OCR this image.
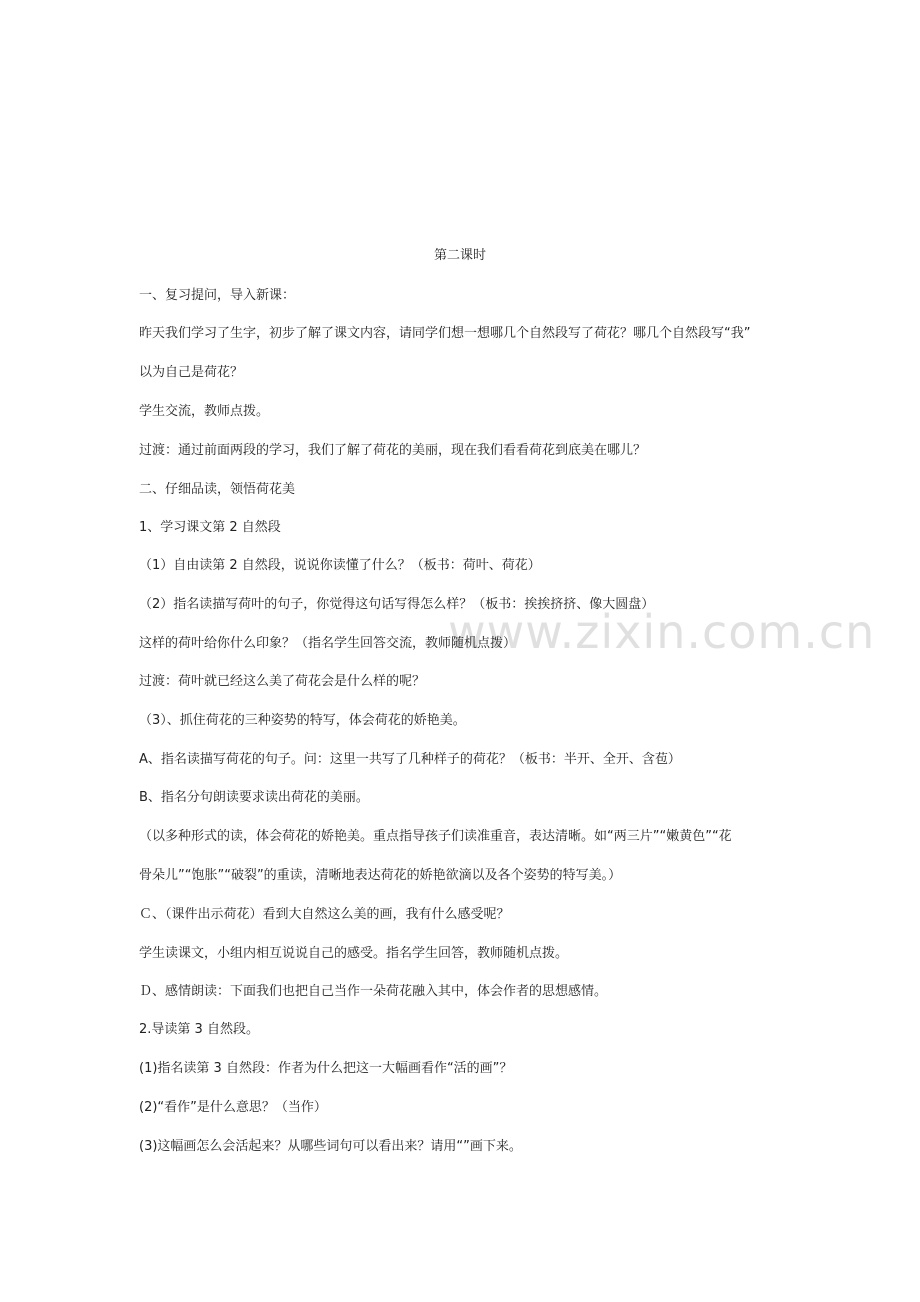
www.zixin.com.cn
第二课时
一、复习提问，导入新课：
昨天我们学习了生字，初步了解了课文内容，请同学们想一想哪几个自然段写了荷花？哪几个自然段写“我”
以为自己是荷花？
学生交流，教师点拨。
过渡：通过前面两段的学习，我们了解了荷花的美丽，现在我们看看荷花到底美在哪儿？
二、仔细品读，领悟荷花美
1、学习课文第 2 自然段
（1）自由读第 2 自然段，说说你读懂了什么？（板书：荷叶、荷花）
（2）指名读描写荷叶的句子，你觉得这句话写得怎么样？（板书：挨挨挤挤、像大圆盘）
这样的荷叶给你什么印象？（指名学生回答交流，教师随机点拨）
过渡：荷叶就已经这么美了荷花会是什么样的呢？
（3）、抓住荷花的三种姿势的特写，体会荷花的娇艳美。
A、指名读描写荷花的句子。问：这里一共写了几种样子的荷花？（板书：半开、全开、含苞）
B、指名分句朗读要求读出荷花的美丽。
（以多种形式的读，体会荷花的娇艳美。重点指导孩子们读准重音，表达清晰。如“两三片”“嫩黄色”“花
骨朵儿”“饱胀”“破裂”的重读，清晰地表达荷花的娇艳欲滴以及各个姿势的特写美。）
Ｃ、（课件出示荷花）看到大自然这么美的画，我有什么感受呢？
学生读课文，小组内相互说说自己的感受。指名学生回答，教师随机点拨。
Ｄ、感情朗读：下面我们也把自己当作一朵荷花融入其中，体会作者的思想感情。
2.导读第 3 自然段。
(1)指名读第 3 自然段：作者为什么把这一大幅画看作“活的画”？
(2)“看作”是什么意思？（当作）
(3)这幅画怎么会活起来？从哪些词句可以看出来？请用“”画下来。
